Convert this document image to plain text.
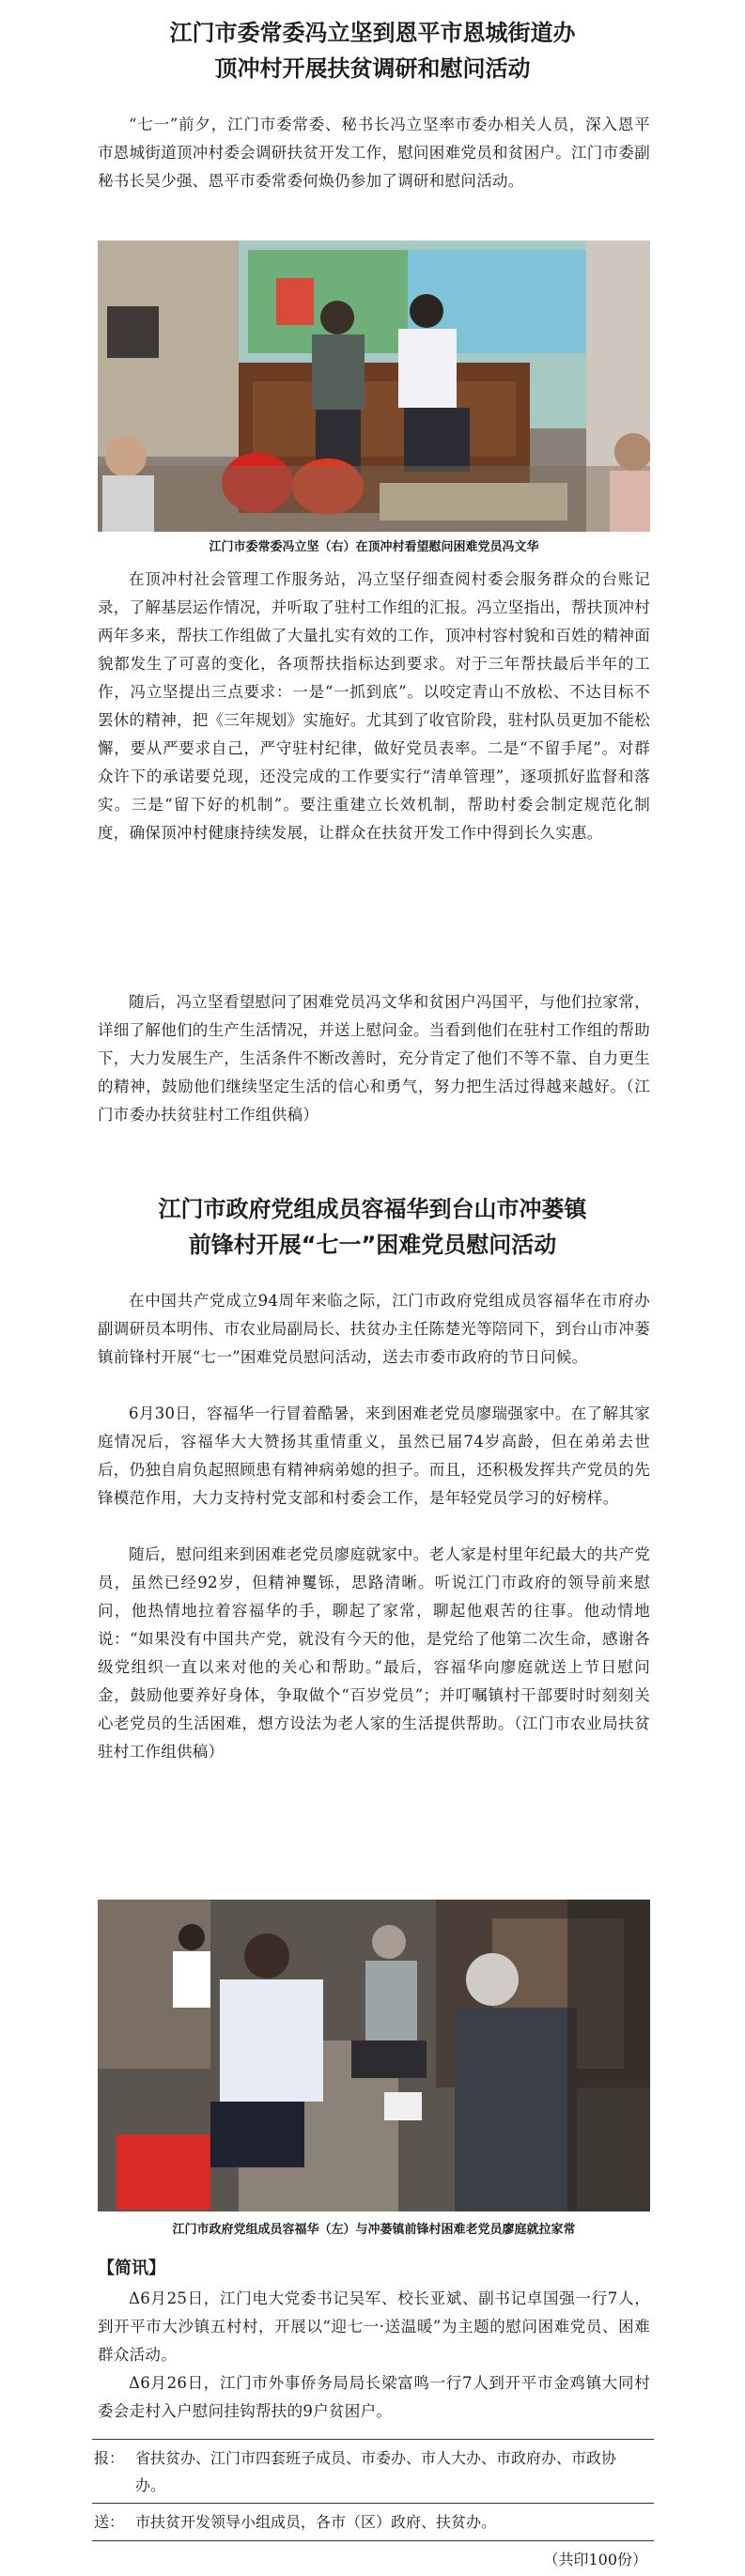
江门市委常委冯立坚到恩平市恩城街道办
顶冲村开展扶贫调研和慰问活动

“七一”前夕，江门市委常委、秘书长冯立坚率市委办相关人员，深入恩平市恩城街道顶冲村委会调研扶贫开发工作，慰问困难党员和贫困户。江门市委副秘书长吴少强、恩平市委常委何焕仍参加了调研和慰问活动。

江门市委常委冯立坚（右）在顶冲村看望慰问困难党员冯文华

在顶冲村社会管理工作服务站，冯立坚仔细查阅村委会服务群众的台账记录，了解基层运作情况，并听取了驻村工作组的汇报。冯立坚指出，帮扶顶冲村两年多来，帮扶工作组做了大量扎实有效的工作，顶冲村容村貌和百姓的精神面貌都发生了可喜的变化，各项帮扶指标达到要求。对于三年帮扶最后半年的工作，冯立坚提出三点要求：一是“一抓到底”。以咬定青山不放松、不达目标不罢休的精神，把《三年规划》实施好。尤其到了收官阶段，驻村队员更加不能松懈，要从严要求自己，严守驻村纪律，做好党员表率。二是“不留手尾”。对群众许下的承诺要兑现，还没完成的工作要实行“清单管理”，逐项抓好监督和落实。三是“留下好的机制”。要注重建立长效机制，帮助村委会制定规范化制度，确保顶冲村健康持续发展，让群众在扶贫开发工作中得到长久实惠。

随后，冯立坚看望慰问了困难党员冯文华和贫困户冯国平，与他们拉家常，详细了解他们的生产生活情况，并送上慰问金。当看到他们在驻村工作组的帮助下，大力发展生产，生活条件不断改善时，充分肯定了他们不等不靠、自力更生的精神，鼓励他们继续坚定生活的信心和勇气，努力把生活过得越来越好。（江门市委办扶贫驻村工作组供稿）

江门市政府党组成员容福华到台山市冲蒌镇
前锋村开展“七一”困难党员慰问活动

在中国共产党成立94周年来临之际，江门市政府党组成员容福华在市府办副调研员本明伟、市农业局副局长、扶贫办主任陈楚光等陪同下，到台山市冲蒌镇前锋村开展“七一”困难党员慰问活动，送去市委市政府的节日问候。

6月30日，容福华一行冒着酷暑，来到困难老党员廖瑞强家中。在了解其家庭情况后，容福华大大赞扬其重情重义，虽然已届74岁高龄，但在弟弟去世后，仍独自肩负起照顾患有精神病弟媳的担子。而且，还积极发挥共产党员的先锋模范作用，大力支持村党支部和村委会工作，是年轻党员学习的好榜样。

随后，慰问组来到困难老党员廖庭就家中。老人家是村里年纪最大的共产党员，虽然已经92岁，但精神矍铄，思路清晰。听说江门市政府的领导前来慰问，他热情地拉着容福华的手，聊起了家常，聊起他艰苦的往事。他动情地说：“如果没有中国共产党，就没有今天的他，是党给了他第二次生命，感谢各级党组织一直以来对他的关心和帮助。”最后，容福华向廖庭就送上节日慰问金，鼓励他要养好身体，争取做个“百岁党员”；并叮嘱镇村干部要时时刻刻关心老党员的生活困难，想方设法为老人家的生活提供帮助。（江门市农业局扶贫驻村工作组供稿）

江门市政府党组成员容福华（左）与冲蒌镇前锋村困难老党员廖庭就拉家常
【简讯】

Δ6月25日，江门电大党委书记吴军、校长亚斌、副书记卓国强一行7人，到开平市大沙镇五村村，开展以“迎七一·送温暖”为主题的慰问困难党员、困难群众活动。

Δ6月26日，江门市外事侨务局局长梁富鸣一行7人到开平市金鸡镇大同村委会走村入户慰问挂钩帮扶的9户贫困户。

报： 省扶贫办、江门市四套班子成员、市委办、市人大办、市政府办、市政协办。
送： 市扶贫开发领导小组成员，各市（区）政府、扶贫办。
（共印100份）
